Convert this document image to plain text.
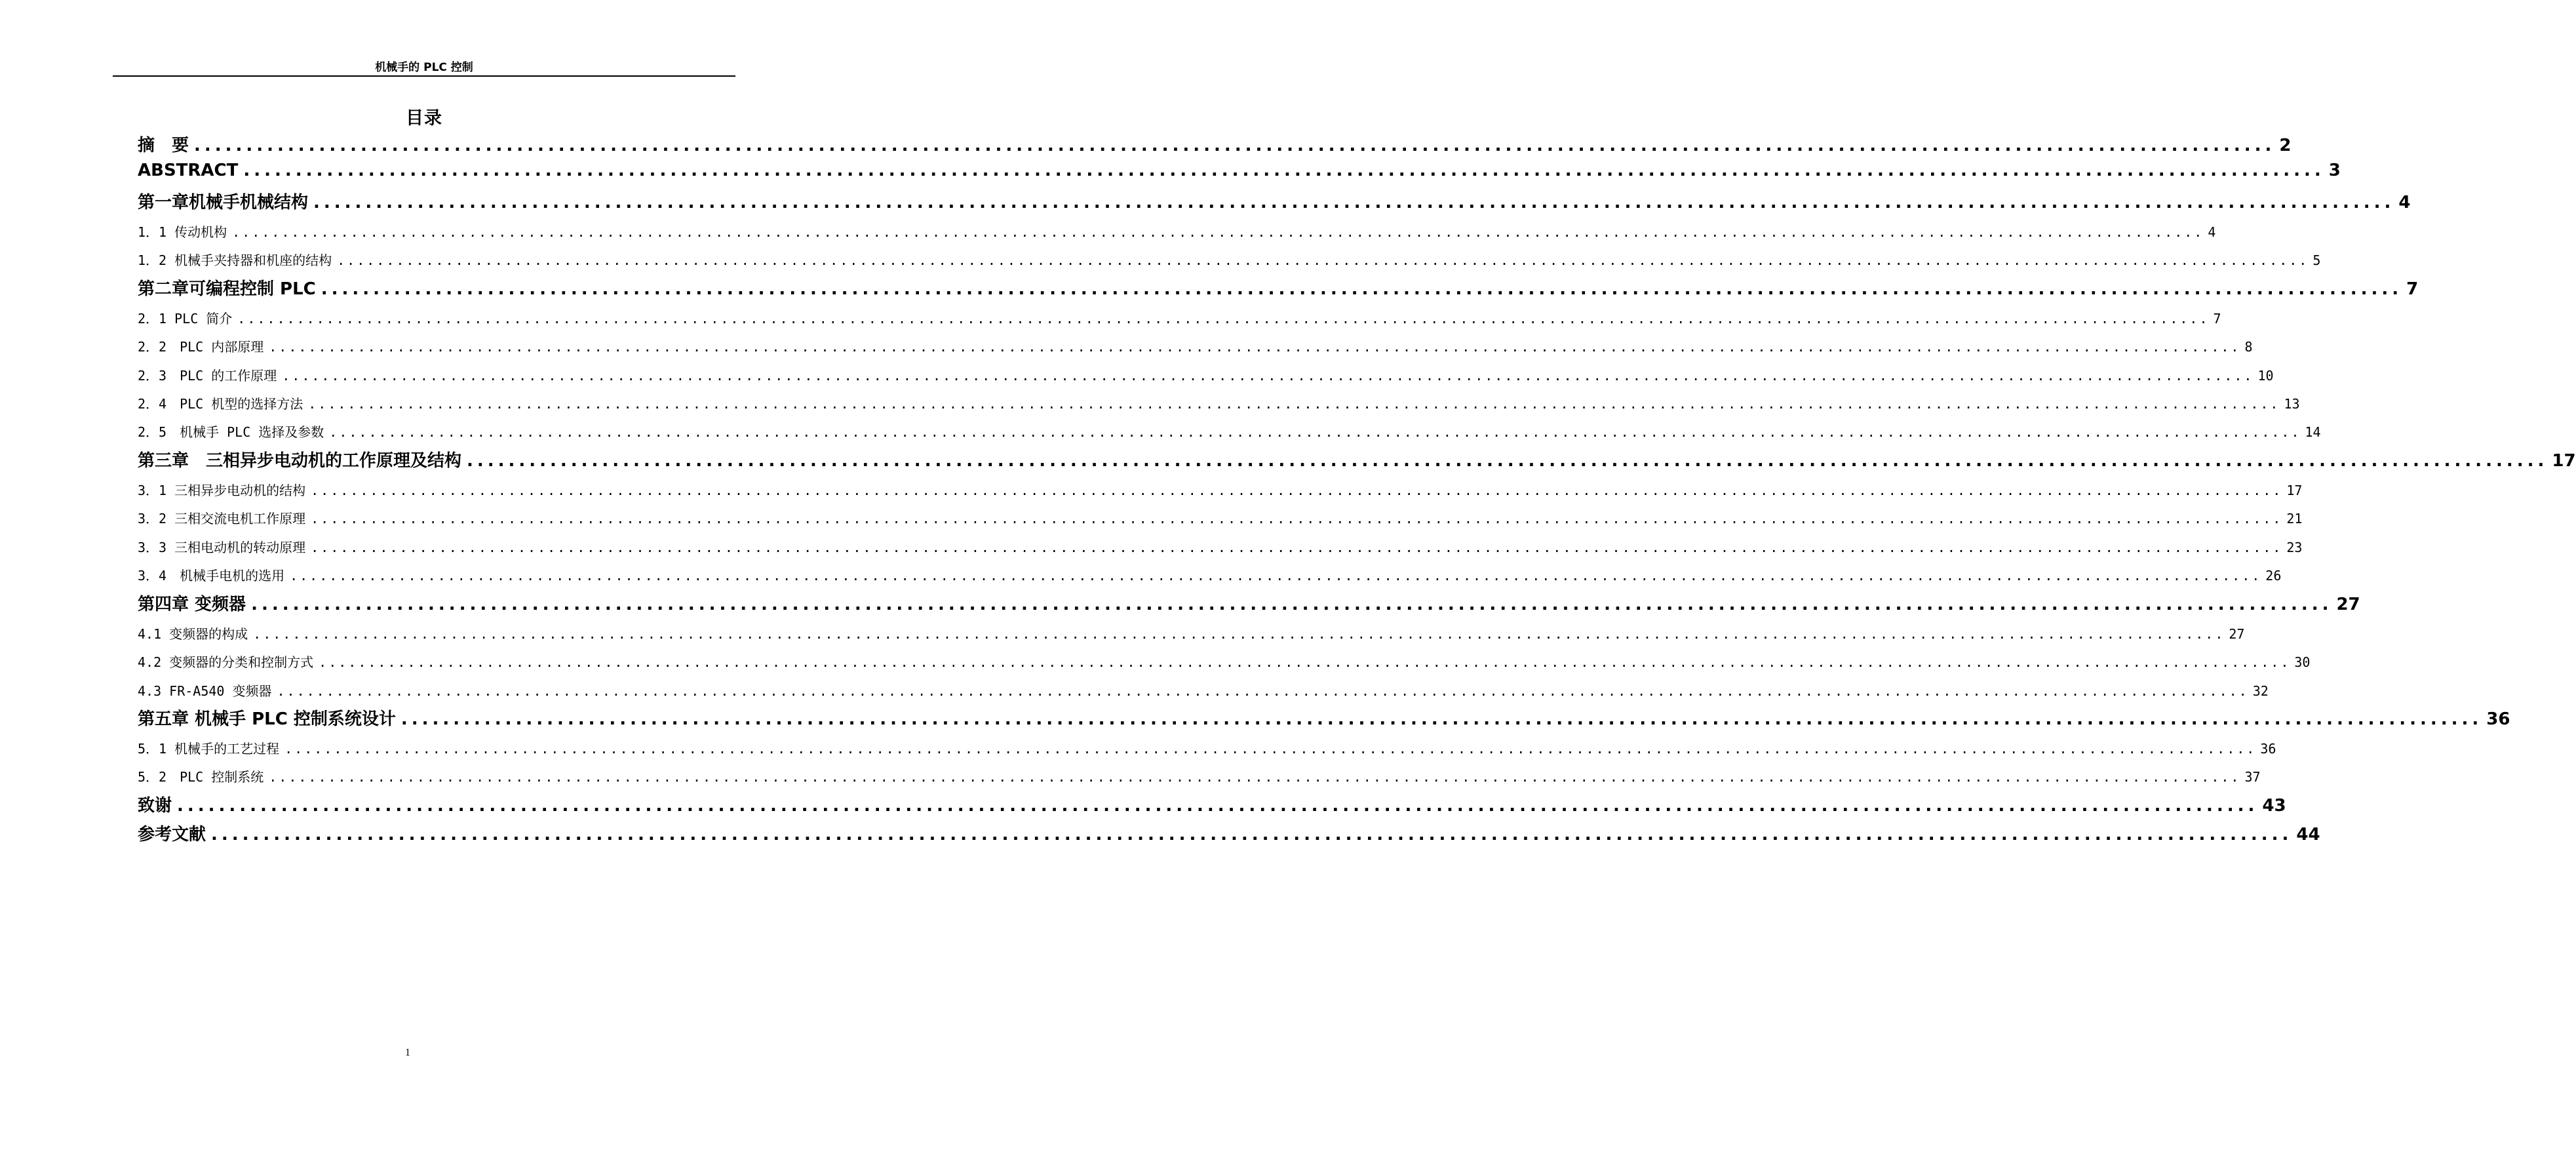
机械手的 PLC 控制
目录
摘　要 ........................................................................................................................................................................................................ 2
ABSTRACT ........................................................................................................................................................................................................ 3
第一章机械手机械结构 ........................................................................................................................................................................................................ 4
1．1 传动机构 ........................................................................................................................................................................................................ 4
1．2 机械手夹持器和机座的结构 ........................................................................................................................................................................................................ 5
第二章可编程控制 PLC ........................................................................................................................................................................................................ 7
2．1 PLC 简介 ........................................................................................................................................................................................................ 7
2．2　PLC 内部原理 ........................................................................................................................................................................................................ 8
2．3　PLC 的工作原理 ........................................................................................................................................................................................................ 10
2．4　PLC 机型的选择方法 ........................................................................................................................................................................................................ 13
2．5　机械手 PLC 选择及参数 ........................................................................................................................................................................................................ 14
第三章　三相异步电动机的工作原理及结构 ........................................................................................................................................................................................................ 17
3．1 三相异步电动机的结构 ........................................................................................................................................................................................................ 17
3．2 三相交流电机工作原理 ........................................................................................................................................................................................................ 21
3．3 三相电动机的转动原理 ........................................................................................................................................................................................................ 23
3．4　机械手电机的选用 ........................................................................................................................................................................................................ 26
第四章 变频器 ........................................................................................................................................................................................................ 27
4.1 变频器的构成 ........................................................................................................................................................................................................ 27
4.2 变频器的分类和控制方式 ........................................................................................................................................................................................................ 30
4.3 FR-A540 变频器 ........................................................................................................................................................................................................ 32
第五章 机械手 PLC 控制系统设计 ........................................................................................................................................................................................................ 36
5．1 机械手的工艺过程 ........................................................................................................................................................................................................ 36
5．2　PLC 控制系统 ........................................................................................................................................................................................................ 37
致谢 ........................................................................................................................................................................................................ 43
参考文献 ........................................................................................................................................................................................................ 44
1
